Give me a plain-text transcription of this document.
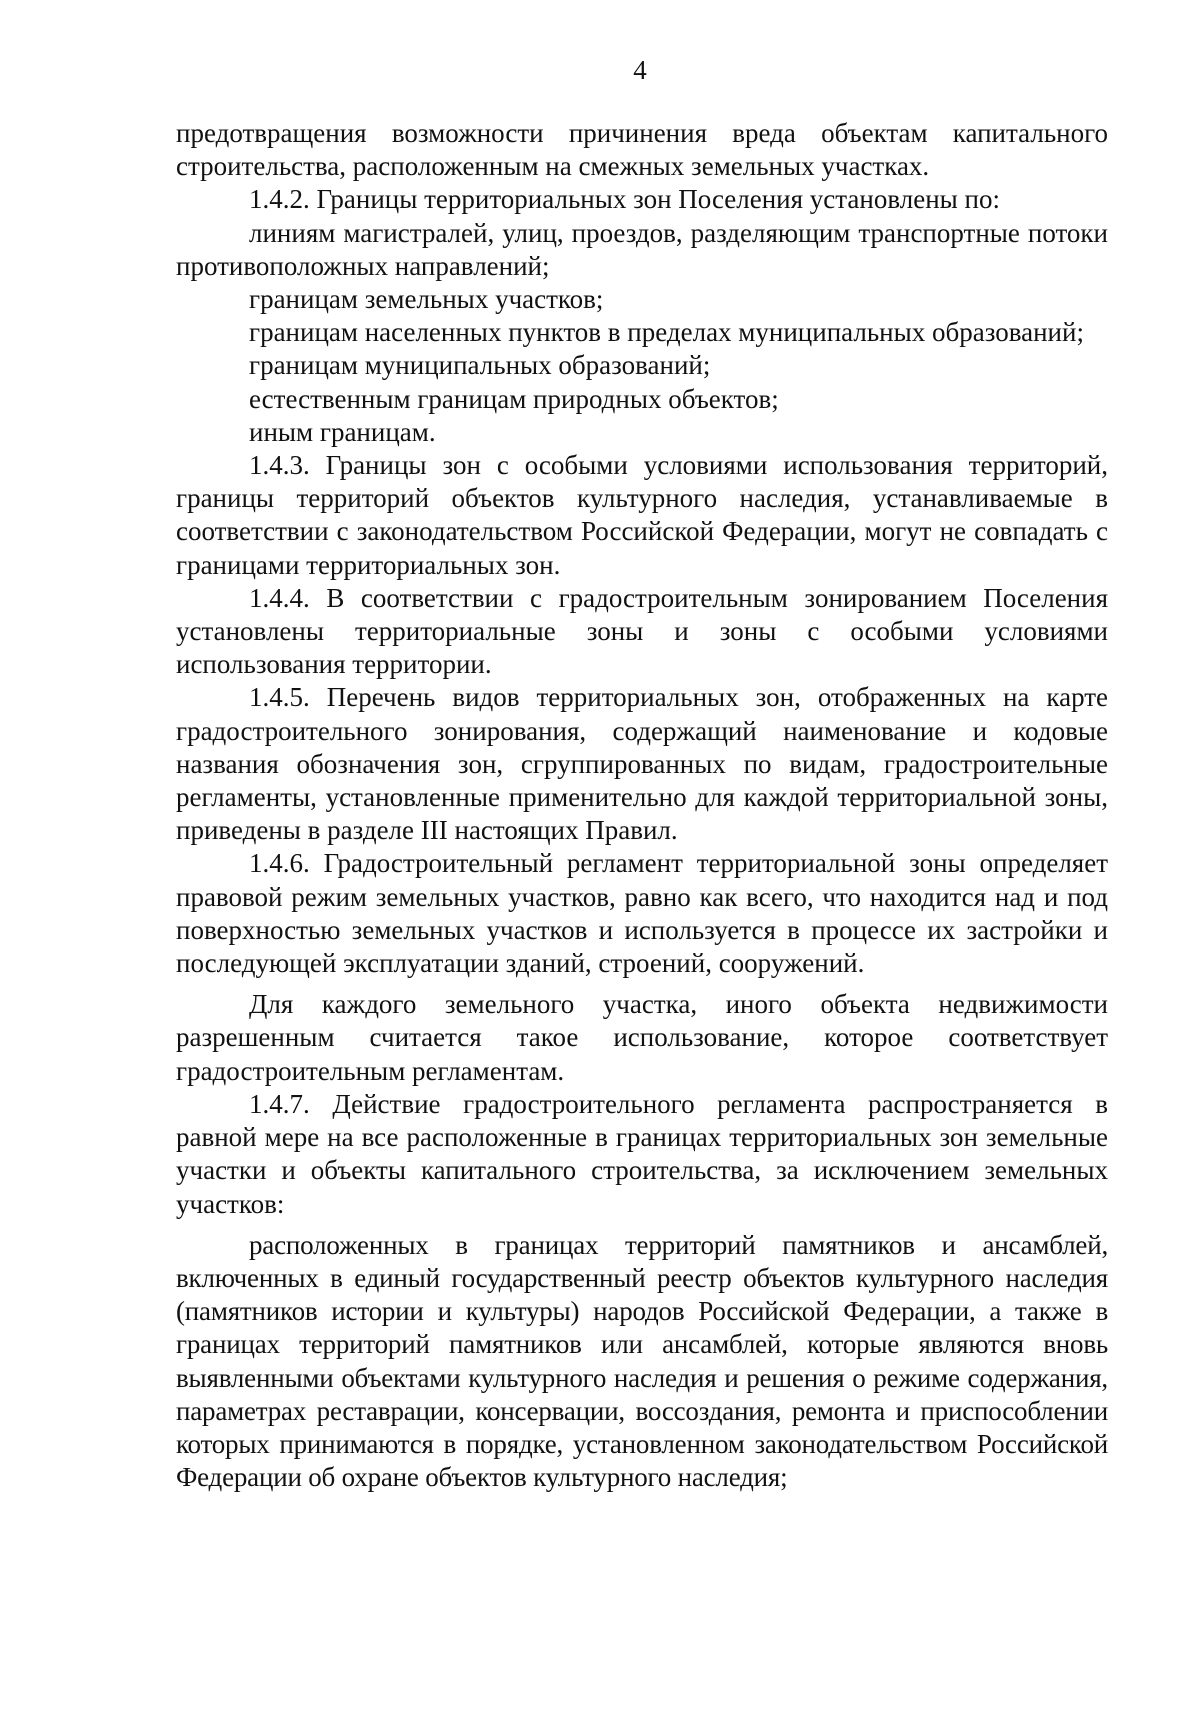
4

предотвращения возможности причинения вреда объектам капитального строительства, расположенным на смежных земельных участках.

1.4.2. Границы территориальных зон Поселения установлены по:

линиям магистралей, улиц, проездов, разделяющим транспортные потоки противоположных направлений;

границам земельных участков;

границам населенных пунктов в пределах муниципальных образований;

границам муниципальных образований;

естественным границам природных объектов;

иным границам.

1.4.3. Границы зон с особыми условиями использования территорий, границы территорий объектов культурного наследия, устанавливаемые в соответствии с законодательством Российской Федерации, могут не совпадать с границами территориальных зон.

1.4.4. В соответствии с градостроительным зонированием Поселения установлены территориальные зоны и зоны с особыми условиями использования территории.

1.4.5. Перечень видов территориальных зон, отображенных на карте градостроительного зонирования, содержащий наименование и кодовые названия обозначения зон, сгруппированных по видам, градостроительные регламенты, установленные применительно для каждой территориальной зоны, приведены в разделе III настоящих Правил.

1.4.6. Градостроительный регламент территориальной зоны определяет правовой режим земельных участков, равно как всего, что находится над и под поверхностью земельных участков и используется в процессе их застройки и последующей эксплуатации зданий, строений, сооружений.

Для каждого земельного участка, иного объекта недвижимости разрешенным считается такое использование, которое соответствует градостроительным регламентам.

1.4.7. Действие градостроительного регламента распространяется в равной мере на все расположенные в границах территориальных зон земельные участки и объекты капитального строительства, за исключением земельных участков:

расположенных в границах территорий памятников и ансамблей, включенных в единый государственный реестр объектов культурного наследия (памятников истории и культуры) народов Российской Федерации, а также в границах территорий памятников или ансамблей, которые являются вновь выявленными объектами культурного наследия и решения о режиме содержания, параметрах реставрации, консервации, воссоздания, ремонта и приспособлении которых принимаются в порядке, установленном законодательством Российской Федерации об охране объектов культурного наследия;
